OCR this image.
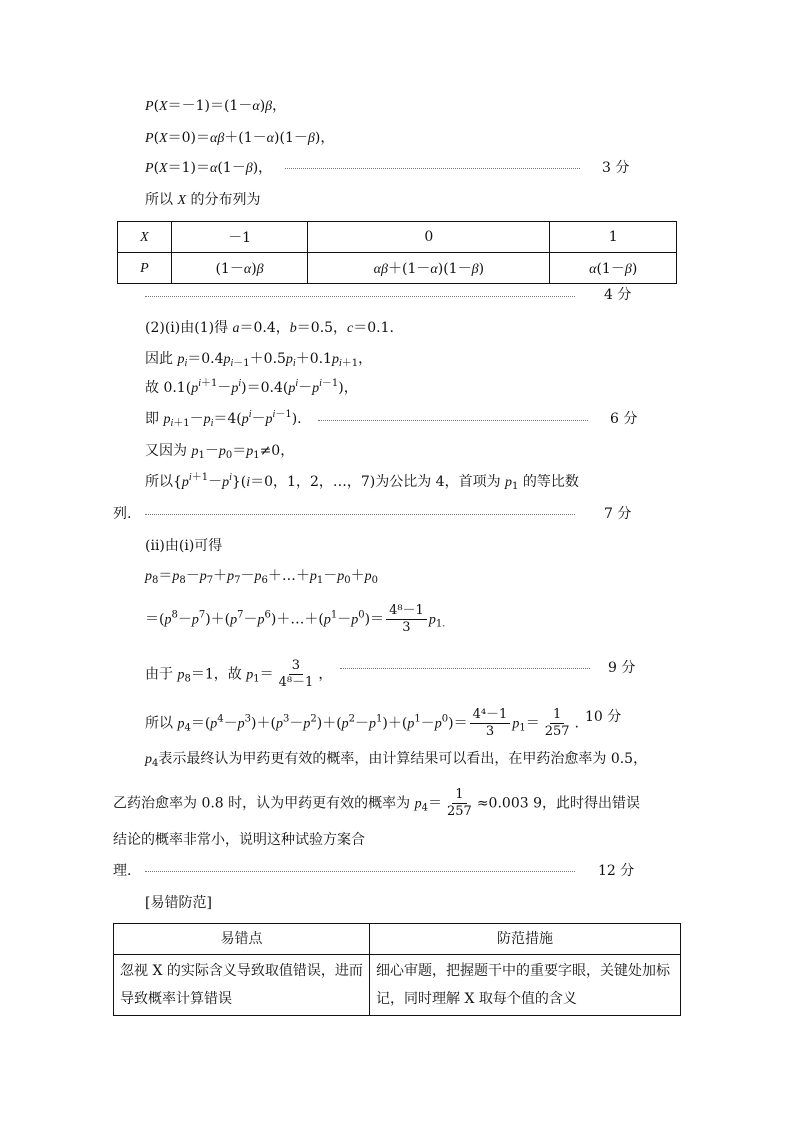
P(X＝－1)＝(1－α)β，
P(X＝0)＝αβ＋(1－α)(1－β)，
P(X＝1)＝α(1－β)，	3 分
所以 X 的分布列为
X	－1	0	1
P	(1－α)β	αβ＋(1－α)(1－β)	α(1－β)
4 分
(2)(ⅰ)由(1)得 a＝0.4，b＝0.5，c＝0.1.
因此 $p_i=0.4p_{i-1}+0.5p_i+0.1p_{i+1}$，
故 $0.1(p^{i+1}-p^i)=0.4(p^i-p^{i-1})$，
即 $p_{i+1}-p_i=4(p^i-p^{i-1})$.	6 分
又因为 $p_1-p_0=p_1\ne 0$，
所以$\{p^{i+1}-p^i\}(i=0$，1，2，…，7)为公比为 4，首项为 $p_1$ 的等比数
列.	7 分
(ⅱ)由(ⅰ)可得
$p_8=p_8-p_7+p_7-p_6+\dots+p_1-p_0+p_0$
$=(p^8-p^7)+(p^7-p^6)+\dots+(p^1-p^0)= \frac{\text{4⁸－1}}{3} p_{1.}$
由于 $p_8=1$，故 $p_1= \frac{3}{\text{4⁸－1}}$ ，	9 分
所以 $p_4=(p^4-p^3)+(p^3-p^2)+(p^2-p^1)+(p^1-p^0)= \frac{\text{4⁴－1}}{3} p_1= \frac{1}{257}$ . 10 分
$p_4$表示最终认为甲药更有效的概率，由计算结果可以看出，在甲药治愈率为 0.5，
乙药治愈率为 0.8 时，认为甲药更有效的概率为 $p_4= \frac{1}{257} \approx 0.003$ 9，此时得出错误
结论的概率非常小，说明这种试验方案合
理.	12 分
[易错防范]
易错点	防范措施
忽视 X 的实际含义导致取值错误，进而导致概率计算错误	细心审题，把握题干中的重要字眼，关键处加标记，同时理解 X 取每个值的含义
